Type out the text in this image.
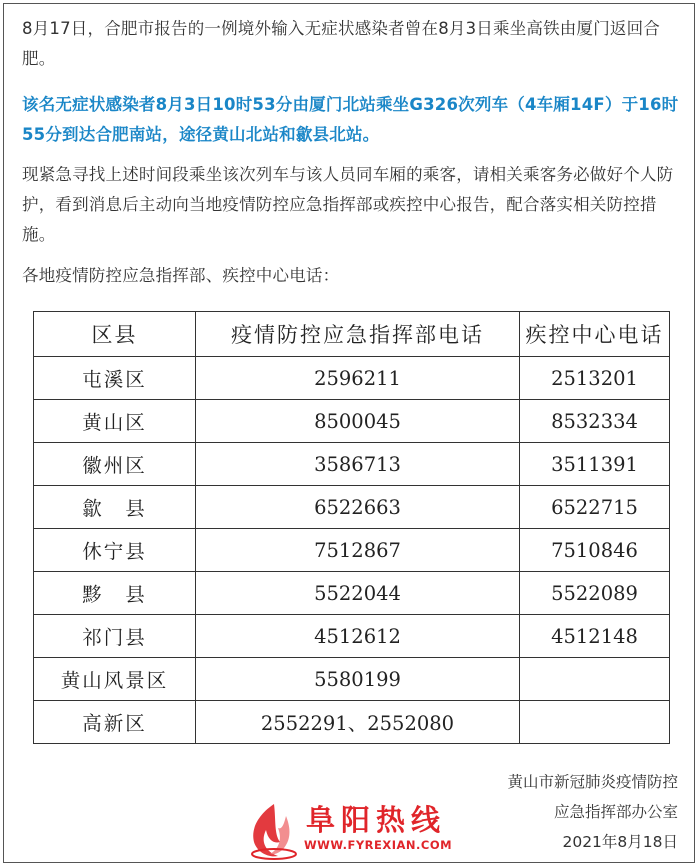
8月17日，合肥市报告的一例境外输入无症状感染者曾在8月3日乘坐高铁由厦门返回合肥。
该名无症状感染者8月3日10时53分由厦门北站乘坐G326次列车（4车厢14F）于16时55分到达合肥南站，途径黄山北站和歙县北站。
现紧急寻找上述时间段乘坐该次列车与该人员同车厢的乘客，请相关乘客务必做好个人防护，看到消息后主动向当地疫情防控应急指挥部或疾控中心报告，配合落实相关防控措施。
各地疫情防控应急指挥部、疾控中心电话：
区县	疫情防控应急指挥部电话	疾控中心电话
屯溪区	2596211	2513201
黄山区	8500045	8532334
徽州区	3586713	3511391
歙　县	6522663	6522715
休宁县	7512867	7510846
黟　县	5522044	5522089
祁门县	4512612	4512148
黄山风景区	5580199	
高新区	2552291、2552080	
黄山市新冠肺炎疫情防控
应急指挥部办公室
2021年8月18日
阜阳热线
WWW.FYREXIAN.COM
